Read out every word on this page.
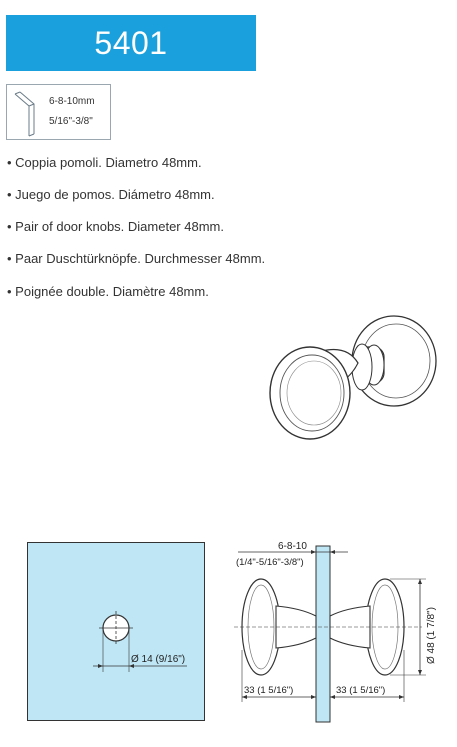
5401
6-8-10mm
5/16"-3/8"
• Coppia pomoli. Diametro 48mm.
• Juego de pomos. Diámetro 48mm.
• Pair of door knobs. Diameter 48mm.
• Paar Duschtürknöpfe. Durchmesser 48mm.
• Poignée double. Diamètre 48mm.
Ø 14 (9/16")
6-8-10
(1/4"-5/16"-3/8")
Ø 48 (1 7/8")
33 (1 5/16")	33 (1 5/16")
